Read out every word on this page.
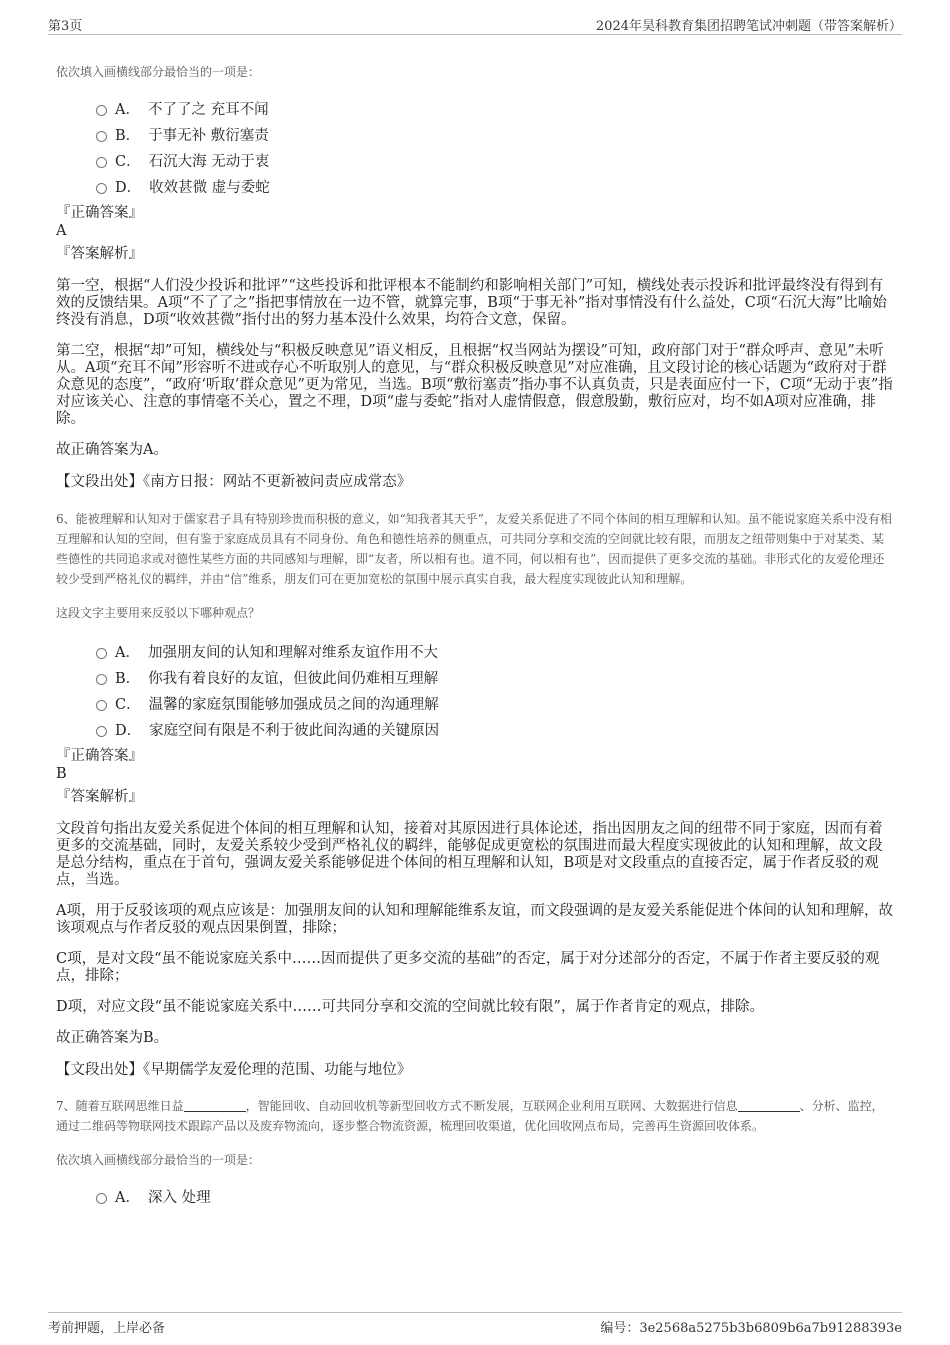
第3页	2024年昊科教育集团招聘笔试冲刺题（带答案解析）
依次填入画横线部分最恰当的一项是：
A． 不了了之 充耳不闻
B． 于事无补 敷衍塞责
C． 石沉大海 无动于衷
D． 收效甚微 虚与委蛇
『正确答案』
A
『答案解析』
第一空，根据“人们没少投诉和批评”“这些投诉和批评根本不能制约和影响相关部门”可知，横线处表示投诉和批评最终没有得到有效的反馈结果。A项“不了了之”指把事情放在一边不管，就算完事，B项“于事无补”指对事情没有什么益处，C项“石沉大海”比喻始终没有消息，D项“收效甚微”指付出的努力基本没什么效果，均符合文意，保留。
第二空，根据“却”可知，横线处与“积极反映意见”语义相反，且根据“权当网站为摆设”可知，政府部门对于“群众呼声、意见”未听从。A项“充耳不闻”形容听不进或存心不听取别人的意见，与“群众积极反映意见”对应准确，且文段讨论的核心话题为“政府对于群众意见的态度”，“政府‘听取’群众意见”更为常见，当选。B项“敷衍塞责”指办事不认真负责，只是表面应付一下，C项“无动于衷”指对应该关心、注意的事情毫不关心，置之不理，D项“虚与委蛇”指对人虚情假意，假意殷勤，敷衍应对，均不如A项对应准确，排除。
故正确答案为A。
【文段出处】《南方日报：网站不更新被问责应成常态》
6、能被理解和认知对于儒家君子具有特别珍贵而积极的意义，如“知我者其天乎”，友爱关系促进了不同个体间的相互理解和认知。虽不能说家庭关系中没有相互理解和认知的空间，但有鉴于家庭成员具有不同身份、角色和德性培养的侧重点，可共同分享和交流的空间就比较有限，而朋友之纽带则集中于对某类、某些德性的共同追求或对德性某些方面的共同感知与理解，即“友者，所以相有也。道不同，何以相有也”，因而提供了更多交流的基础。非形式化的友爱伦理还较少受到严格礼仪的羁绊，并由“信”维系，朋友们可在更加宽松的氛围中展示真实自我，最大程度实现彼此认知和理解。
这段文字主要用来反驳以下哪种观点？
A． 加强朋友间的认知和理解对维系友谊作用不大
B． 你我有着良好的友谊，但彼此间仍难相互理解
C． 温馨的家庭氛围能够加强成员之间的沟通理解
D． 家庭空间有限是不利于彼此间沟通的关键原因
『正确答案』
B
『答案解析』
文段首句指出友爱关系促进个体间的相互理解和认知，接着对其原因进行具体论述，指出因朋友之间的纽带不同于家庭，因而有着更多的交流基础，同时，友爱关系较少受到严格礼仪的羁绊，能够促成更宽松的氛围进而最大程度实现彼此的认知和理解，故文段是总分结构，重点在于首句，强调友爱关系能够促进个体间的相互理解和认知，B项是对文段重点的直接否定，属于作者反驳的观点，当选。
A项，用于反驳该项的观点应该是：加强朋友间的认知和理解能维系友谊，而文段强调的是友爱关系能促进个体间的认知和理解，故该项观点与作者反驳的观点因果倒置，排除；
C项，是对文段“虽不能说家庭关系中……因而提供了更多交流的基础”的否定，属于对分述部分的否定，不属于作者主要反驳的观点，排除；
D项，对应文段“虽不能说家庭关系中……可共同分享和交流的空间就比较有限”，属于作者肯定的观点，排除。
故正确答案为B。
【文段出处】《早期儒学友爱伦理的范围、功能与地位》
7、随着互联网思维日益	，智能回收、自动回收机等新型回收方式不断发展，互联网企业利用互联网、大数据进行信息	、分析、监控，通过二维码等物联网技术跟踪产品以及废弃物流向，逐步整合物流资源，梳理回收渠道，优化回收网点布局，完善再生资源回收体系。
依次填入画横线部分最恰当的一项是：
A． 深入 处理
考前押题，上岸必备	编号：3e2568a5275b3b6809b6a7b91288393e
